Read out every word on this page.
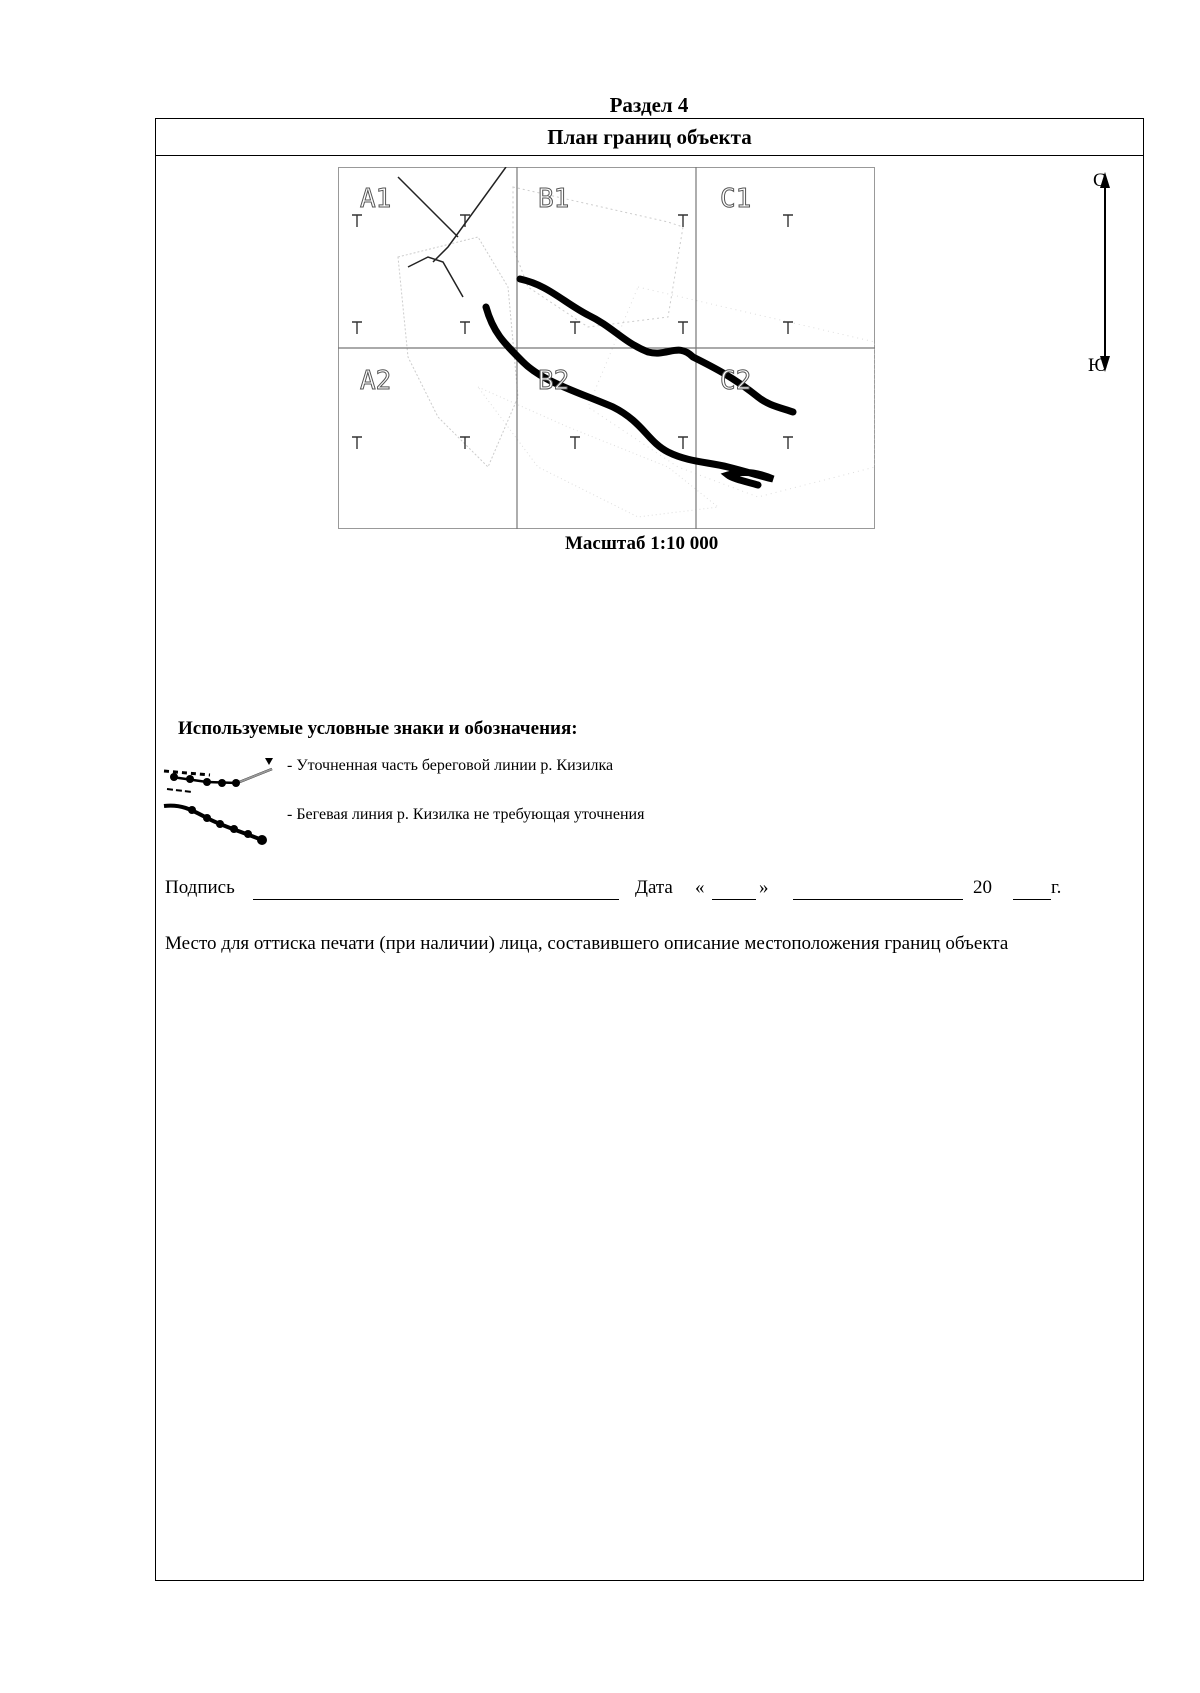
Раздел 4
План границ объекта
A1	B1	C1
A2	B2	C2
С
Ю
Масштаб 1:10 000
Используемые условные знаки и обозначения:
- Уточненная часть береговой линии р. Кизилка
- Бегевая линия р. Кизилка не требующая уточнения
Подпись	Дата «	»	20	г.
Место для оттиска печати (при наличии) лица, составившего описание местоположения границ объекта
